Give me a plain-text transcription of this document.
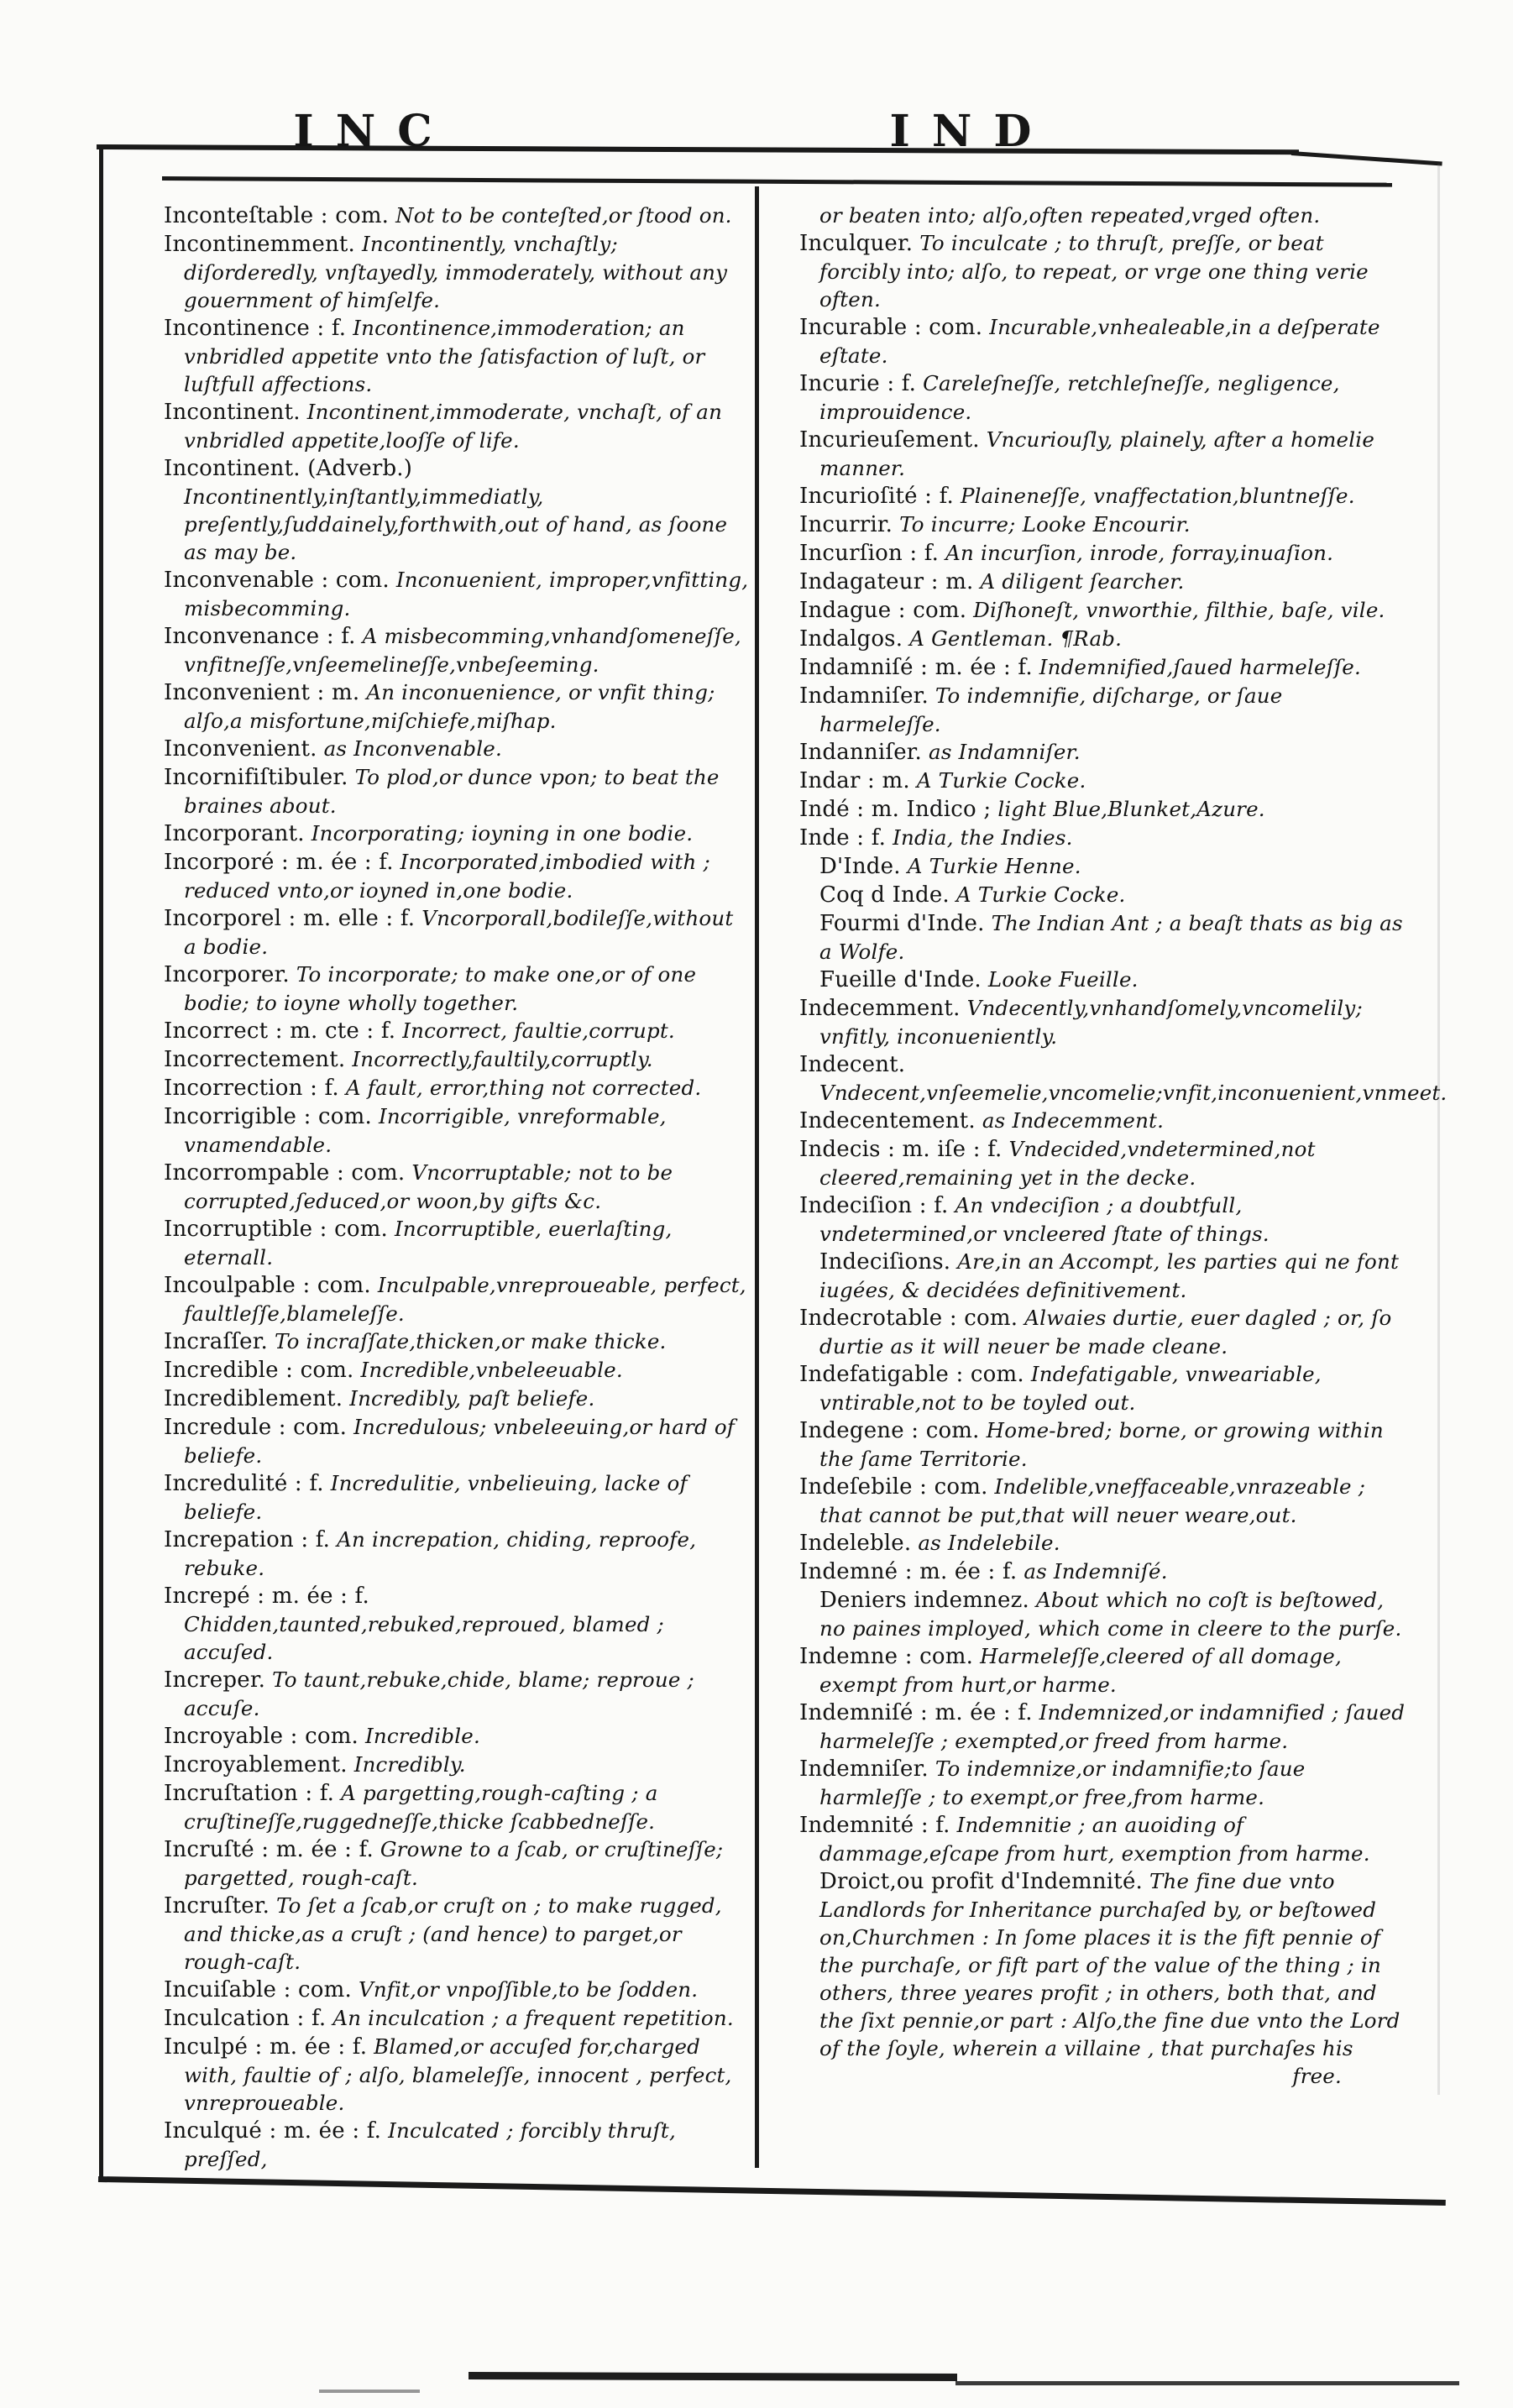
INC	IND
Inconteſtable : com. Not to be conteſted,or ſtood on.
Incontinemment. Incontinently, vnchaſtly; diſorderedly, vnſtayedly, immoderately, without any gouernment of himſelfe.
Incontinence : f. Incontinence,immoderation; an vnbridled appetite vnto the ſatisfaction of luſt, or luſtfull affections.
Incontinent. Incontinent,immoderate, vnchaſt, of an vnbridled appetite,looſſe of life.
Incontinent. (Adverb.) Incontinently,inſtantly,immediatly, preſently,ſuddainely,forthwith,out of hand, as ſoone as may be.
Inconvenable : com. Inconuenient, improper,vnfitting, misbecomming.
Inconvenance : f. A misbecomming,vnhandſomeneſſe, vnfitneſſe,vnſeemelineſſe,vnbeſeeming.
Inconvenient : m. An inconuenience, or vnfit thing; alſo,a misfortune,miſchiefe,miſhap.
Inconvenient. as Inconvenable.
Incornifiſtibuler. To plod,or dunce vpon; to beat the braines about.
Incorporant. Incorporating; ioyning in one bodie.
Incorporé : m. ée : f. Incorporated,imbodied with ; reduced vnto,or ioyned in,one bodie.
Incorporel : m. elle : f. Vncorporall,bodileſſe,without a bodie.
Incorporer. To incorporate; to make one,or of one bodie; to ioyne wholly together.
Incorrect : m. cte : f. Incorrect, faultie,corrupt.
Incorrectement. Incorrectly,faultily,corruptly.
Incorrection : f. A fault, error,thing not corrected.
Incorrigible : com. Incorrigible, vnreformable, vnamendable.
Incorrompable : com. Vncorruptable; not to be corrupted,ſeduced,or woon,by gifts &c.
Incorruptible : com. Incorruptible, euerlaſting, eternall.
Incoulpable : com. Inculpable,vnreproueable, perfect, faultleſſe,blameleſſe.
Incraſſer. To incraſſate,thicken,or make thicke.
Incredible : com. Incredible,vnbeleeuable.
Incrediblement. Incredibly, paſt beliefe.
Incredule : com. Incredulous; vnbeleeuing,or hard of beliefe.
Incredulité : f. Incredulitie, vnbelieuing, lacke of beliefe.
Increpation : f. An increpation, chiding, reproofe, rebuke.
Increpé : m. ée : f. Chidden,taunted,rebuked,reproued, blamed ; accuſed.
Increper. To taunt,rebuke,chide, blame; reproue ; accuſe.
Incroyable : com. Incredible.
Incroyablement. Incredibly.
Incruſtation : f. A pargetting,rough-caſting ; a cruſtineſſe,ruggedneſſe,thicke ſcabbedneſſe.
Incruſté : m. ée : f. Growne to a ſcab, or cruſtineſſe; pargetted, rough-caſt.
Incruſter. To ſet a ſcab,or cruſt on ; to make rugged, and thicke,as a cruſt ; (and hence) to parget,or rough-caſt.
Incuiſable : com. Vnfit,or vnpoſſible,to be ſodden.
Inculcation : f. An inculcation ; a frequent repetition.
Inculpé : m. ée : f. Blamed,or accuſed for,charged with, faultie of ; alſo, blameleſſe, innocent , perfect, vnreproueable.
Inculqué : m. ée : f. Inculcated ; forcibly thruſt, preſſed,
or beaten into; alſo,often repeated,vrged often.
Inculquer. To inculcate ; to thruſt, preſſe, or beat forcibly into; alſo, to repeat, or vrge one thing verie often.
Incurable : com. Incurable,vnhealeable,in a deſperate eſtate.
Incurie : f. Careleſneſſe, retchleſneſſe, negligence, improuidence.
Incurieuſement. Vncuriouſly, plainely, after a homelie manner.
Incurioſité : f. Plaineneſſe, vnaffectation,bluntneſſe.
Incurrir. To incurre; Looke Encourir.
Incurſion : f. An incurſion, inrode, forray,inuaſion.
Indagateur : m. A diligent ſearcher.
Indague : com. Diſhoneſt, vnworthie, filthie, baſe, vile.
Indalgos. A Gentleman. ¶Rab.
Indamniſé : m. ée : f. Indemnified,ſaued harmeleſſe.
Indamniſer. To indemnifie, diſcharge, or ſaue harmeleſſe.
Indanniſer. as Indamniſer.
Indar : m. A Turkie Cocke.
Indé : m. Indico ; light Blue,Blunket,Azure.
Inde : f. India, the Indies.
D'Inde. A Turkie Henne.
Coq d Inde. A Turkie Cocke.
Fourmi d'Inde. The Indian Ant ; a beaſt thats as big as a Wolfe.
Fueille d'Inde. Looke Fueille.
Indecemment. Vndecently,vnhandſomely,vncomelily; vnfitly, inconueniently.
Indecent. Vndecent,vnſeemelie,vncomelie;vnfit,inconuenient,vnmeet.
Indecentement. as Indecemment.
Indecis : m. iſe : f. Vndecided,vndetermined,not cleered,remaining yet in the decke.
Indeciſion : f. An vndeciſion ; a doubtfull, vndetermined,or vncleered ſtate of things.
Indeciſions. Are,in an Accompt, les parties qui ne font iugées, & decidées definitivement.
Indecrotable : com. Alwaies durtie, euer dagled ; or, ſo durtie as it will neuer be made cleane.
Indefatigable : com. Indefatigable, vnweariable, vntirable,not to be toyled out.
Indegene : com. Home-bred; borne, or growing within the ſame Territorie.
Indeſebile : com. Indelible,vneffaceable,vnrazeable ; that cannot be put,that will neuer weare,out.
Indeleble. as Indelebile.
Indemné : m. ée : f. as Indemniſé.
Deniers indemnez. About which no coſt is beſtowed, no paines imployed, which come in cleere to the purſe.
Indemne : com. Harmeleſſe,cleered of all domage, exempt from hurt,or harme.
Indemniſé : m. ée : f. Indemnized,or indamnified ; ſaued harmeleſſe ; exempted,or freed from harme.
Indemniſer. To indemnize,or indamnifie;to ſaue harmleſſe ; to exempt,or free,from harme.
Indemnité : f. Indemnitie ; an auoiding of dammage,eſcape from hurt, exemption from harme.
Droict,ou profit d'Indemnité. The fine due vnto Landlords for Inheritance purchaſed by, or beſtowed on,Churchmen : In ſome places it is the fift pennie of the purchaſe, or fift part of the value of the thing ; in others, three yeares profit ; in others, both that, and the ſixt pennie,or part : Alſo,the fine due vnto the Lord of the ſoyle, wherein a villaine , that purchaſes his
free.
